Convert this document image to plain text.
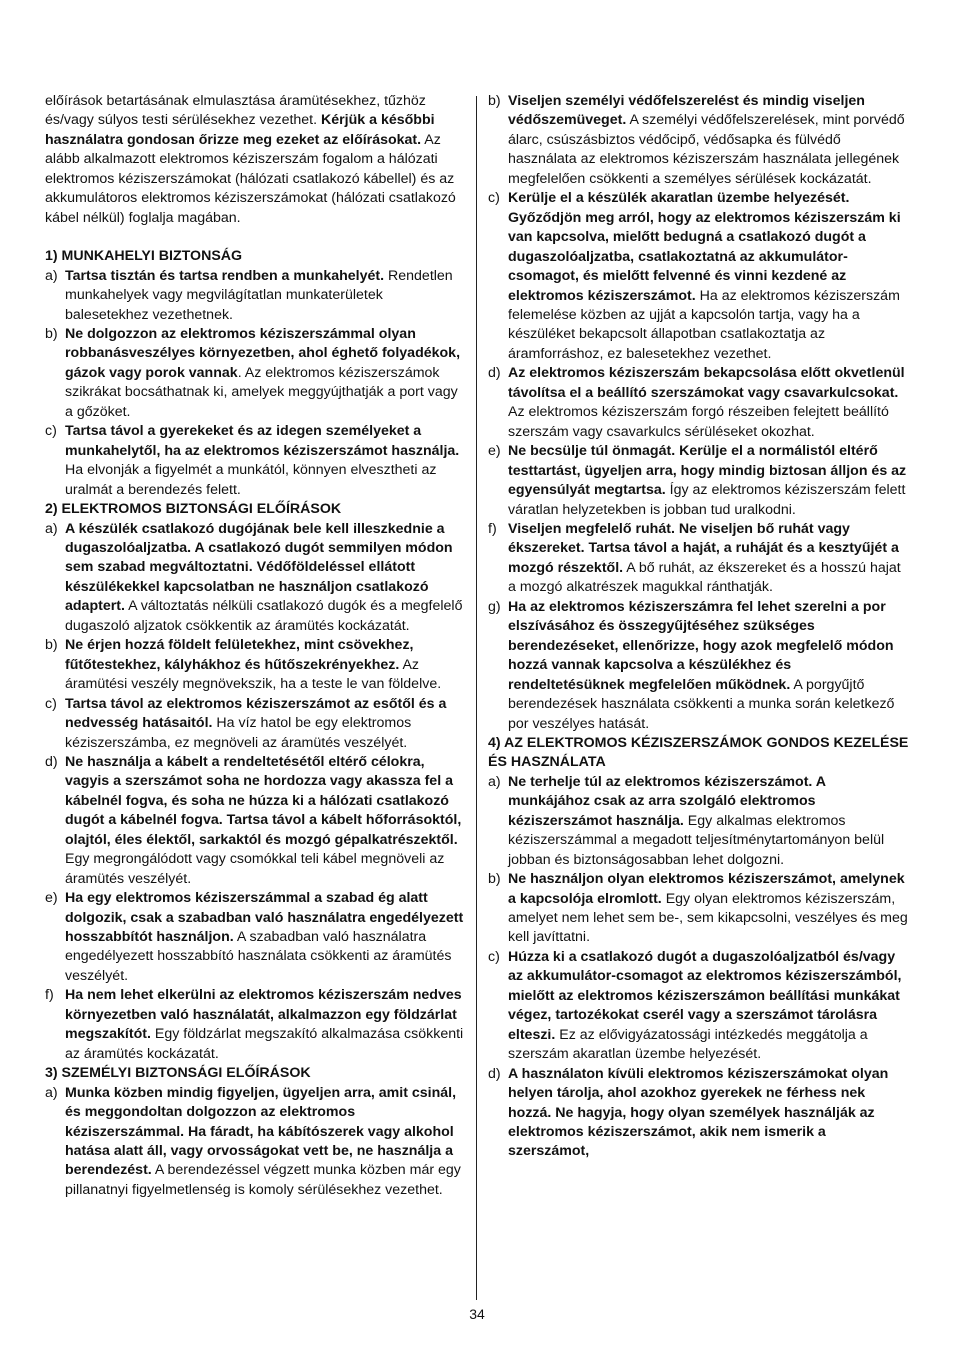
előírások betartásának elmulasztása áramütésekhez, tűzhöz és/vagy súlyos testi sérülésekhez vezethet. Kérjük a későbbi használatra gondosan őrizze meg ezeket az előírásokat. Az alább alkalmazott elektromos kéziszerszám fogalom a hálózati elektromos kéziszerszámokat (hálózati csatlakozó kábellel) és az akkumulátoros elektromos kéziszerszámokat (hálózati csatlakozó kábel nélkül) foglalja magában.

1) MUNKAHELYI BIZTONSÁG

a) Tartsa tisztán és tartsa rendben a munkahelyét. Rendetlen munkahelyek vagy megvilágítatlan munkaterületek balesetekhez vezethetnek.
b) Ne dolgozzon az elektromos kéziszerszámmal olyan robbanásveszélyes környezetben, ahol éghető folyadékok, gázok vagy porok vannak. Az elektromos kéziszerszámok szikrákat bocsáthatnak ki, amelyek meggyújthatják a port vagy a gőzöket.
c) Tartsa távol a gyerekeket és az idegen személyeket a munkahelytől, ha az elektromos kéziszerszámot használja. Ha elvonják a figyelmét a munkától, könnyen elvesztheti az uralmát a berendezés felett.

2) ELEKTROMOS BIZTONSÁGI ELŐÍRÁSOK

a) A készülék csatlakozó dugójának bele kell illeszkednie a dugaszolóaljzatba. A csatlakozó dugót semmilyen módon sem szabad megváltoztatni. Védőföldeléssel ellátott készülékekkel kapcsolatban ne használjon csatlakozó adaptert. A változtatás nélküli csatlakozó dugók és a megfelelő dugaszoló aljzatok csökkentik az áramütés kockázatát.
b) Ne érjen hozzá földelt felületekhez, mint csövekhez, fűtőtestekhez, kályhákhoz és hűtőszekrényekhez. Az áramütési veszély megnövekszik, ha a teste le van földelve.
c) Tartsa távol az elektromos kéziszerszámot az esőtől és a nedvesség hatásaitól. Ha víz hatol be egy elektromos kéziszerszámba, ez megnöveli az áramütés veszélyét.
d) Ne használja a kábelt a rendeltetésétől eltérő célokra, vagyis a szerszámot soha ne hordozza vagy akassza fel a kábelnél fogva, és soha ne húzza ki a hálózati csatlakozó dugót a kábelnél fogva. Tartsa távol a kábelt hőforrásoktól, olajtól, éles élektől, sarkaktól és mozgó gépalkatrészektől. Egy megrongálódott vagy csomókkal teli kábel megnöveli az áramütés veszélyét.
e) Ha egy elektromos kéziszerszámmal a szabad ég alatt dolgozik, csak a szabadban való használatra engedélyezett hosszabbítót használjon. A szabadban való használatra engedélyezett hosszabbító használata csökkenti az áramütés veszélyét.
f) Ha nem lehet elkerülni az elektromos kéziszerszám nedves környezetben való használatát, alkalmazzon egy földzárlat megszakítót. Egy földzárlat megszakító alkalmazása csökkenti az áramütés kockázatát.

3) SZEMÉLYI BIZTONSÁGI ELŐÍRÁSOK

a) Munka közben mindig figyeljen, ügyeljen arra, amit csinál, és meggondoltan dolgozzon az elektromos kéziszerszámmal. Ha fáradt, ha kábítószerek vagy alkohol hatása alatt áll, vagy orvosságokat vett be, ne használja a berendezést. A berendezéssel végzett munka közben már egy pillanatnyi figyelmetlenség is komoly sérülésekhez vezethet.
b) Viseljen személyi védőfelszerelést és mindig viseljen védőszemüveget. A személyi védőfelszerelések, mint porvédő álarc, csúszásbiztos védőcipő, védősapka és fülvédő használata az elektromos kéziszerszám használata jellegének megfelelően csökkenti a személyes sérülések kockázatát.
c) Kerülje el a készülék akaratlan üzembe helyezését. Győződjön meg arról, hogy az elektromos kéziszerszám ki van kapcsolva, mielőtt bedugná a csatlakozó dugót a dugaszolóaljzatba, csatlakoztatná az akkumulátor-csomagot, és mielőtt felvenné és vinni kezdené az elektromos kéziszerszámot. Ha az elektromos kéziszerszám felemelése közben az ujját a kapcsolón tartja, vagy ha a készüléket bekapcsolt állapotban csatlakoztatja az áramforráshoz, ez balesetekhez vezethet.
d) Az elektromos kéziszerszám bekapcsolása előtt okvetlenül távolítsa el a beállító szerszámokat vagy csavarkulcsokat. Az elektromos kéziszerszám forgó részeiben felejtett beállító szerszám vagy csavarkulcs sérüléseket okozhat.
e) Ne becsülje túl önmagát. Kerülje el a normálistól eltérő testtartást, ügyeljen arra, hogy mindig biztosan álljon és az egyensúlyát megtartsa. Így az elektromos kéziszerszám felett váratlan helyzetekben is jobban tud uralkodni.
f) Viseljen megfelelő ruhát. Ne viseljen bő ruhát vagy ékszereket. Tartsa távol a haját, a ruháját és a kesztyűjét a mozgó részektől. A bő ruhát, az ékszereket és a hosszú hajat a mozgó alkatrészek magukkal ránthatják.
g) Ha az elektromos kéziszerszámra fel lehet szerelni a por elszívásához és összegyűjtéséhez szükséges berendezéseket, ellenőrizze, hogy azok megfelelő módon hozzá vannak kapcsolva a készülékhez és rendeltetésüknek megfelelően működnek. A porgyűjtő berendezések használata csökkenti a munka során keletkező por veszélyes hatását.

4) AZ ELEKTROMOS KÉZISZERSZÁMOK GONDOS KEZELÉSE ÉS HASZNÁLATA

a) Ne terhelje túl az elektromos kéziszerszámot. A munkájához csak az arra szolgáló elektromos kéziszerszámot használja. Egy alkalmas elektromos kéziszerszámmal a megadott teljesítménytartományon belül jobban és biztonságosabban lehet dolgozni.
b) Ne használjon olyan elektromos kéziszerszámot, amelynek a kapcsolója elromlott. Egy olyan elektromos kéziszerszám, amelyet nem lehet sem be-, sem kikapcsolni, veszélyes és meg kell javíttatni.
c) Húzza ki a csatlakozó dugót a dugaszolóaljzatból és/vagy az akkumulátor-csomagot az elektromos kéziszerszámból, mielőtt az elektromos kéziszerszámon beállítási munkákat végez, tartozékokat cserél vagy a szerszámot tárolásra elteszi. Ez az elővigyázatossági intézkedés meggátolja a szerszám akaratlan üzembe helyezését.
d) A használaton kívüli elektromos kéziszerszámokat olyan helyen tárolja, ahol azokhoz gyerekek ne férhess nek hozzá. Ne hagyja, hogy olyan személyek használják az elektromos kéziszerszámot, akik nem ismerik a szerszámot,
34
